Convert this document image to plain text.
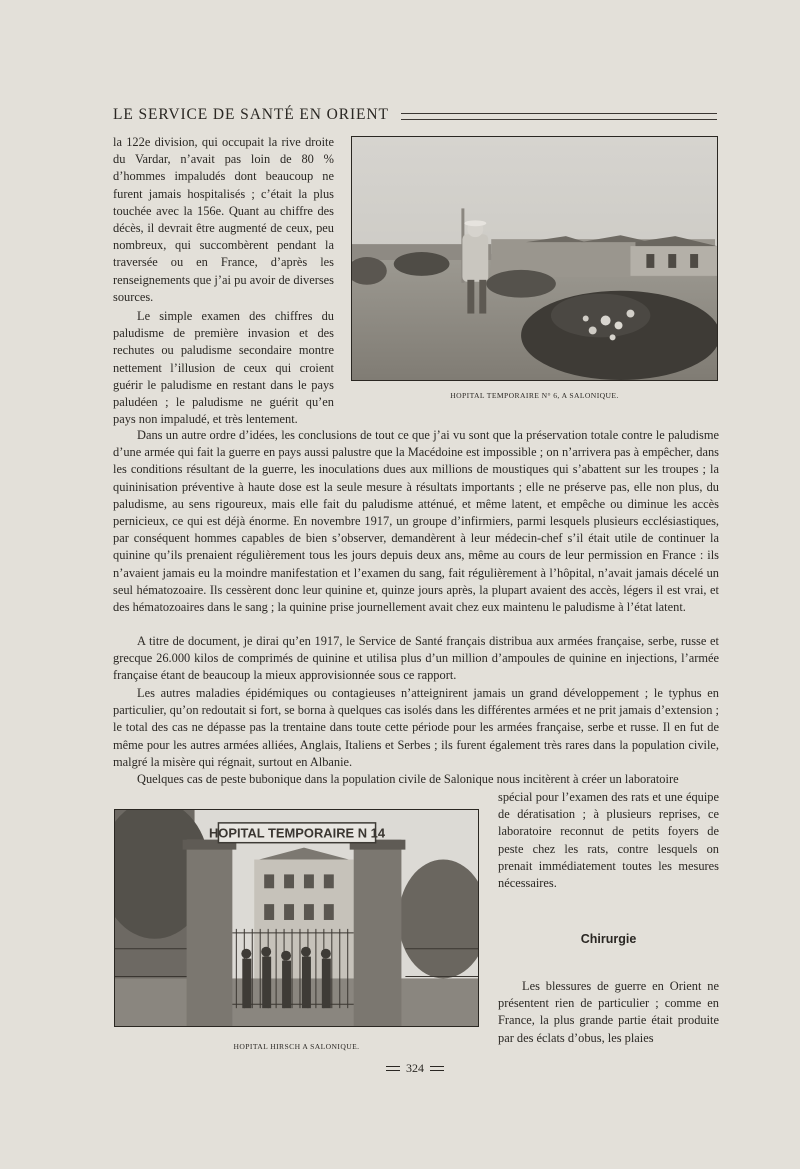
LE SERVICE DE SANTÉ EN ORIENT

la 122e division, qui occupait la rive droite du Vardar, n’avait pas loin de 80 % d’hommes impaludés dont beaucoup ne furent jamais hospitalisés ; c’était la plus touchée avec la 156e. Quant au chiffre des décès, il devrait être augmenté de ceux, peu nombreux, qui succombèrent pendant la traversée ou en France, d’après les renseignements que j’ai pu avoir de diverses sources.

Le simple examen des chiffres du paludisme de première invasion et des rechutes ou paludisme secondaire montre nettement l’illusion de ceux qui croient guérir le paludisme en restant dans le pays paludéen ; le paludisme ne guérit qu’en pays non impaludé, et très lentement.

HOPITAL TEMPORAIRE N° 6, A SALONIQUE.

Dans un autre ordre d’idées, les conclusions de tout ce que j’ai vu sont que la préservation totale contre le paludisme d’une armée qui fait la guerre en pays aussi palustre que la Macédoine est impossible ; on n’arrivera pas à empêcher, dans les conditions résultant de la guerre, les inoculations dues aux millions de moustiques qui s’abattent sur les troupes ; la quininisation préventive à haute dose est la seule mesure à résultats importants ; elle ne préserve pas, elle non plus, du paludisme, au sens rigoureux, mais elle fait du paludisme atténué, et même latent, et empêche ou diminue les accès pernicieux, ce qui est déjà énorme. En novembre 1917, un groupe d’infirmiers, parmi lesquels plusieurs ecclésiastiques, par conséquent hommes capables de bien s’observer, demandèrent à leur médecin-chef s’il était utile de continuer la quinine qu’ils prenaient régulièrement tous les jours depuis deux ans, même au cours de leur permission en France : ils n’avaient jamais eu la moindre manifestation et l’examen du sang, fait régulièrement à l’hôpital, n’avait jamais décelé un seul hématozoaire. Ils cessèrent donc leur quinine et, quinze jours après, la plupart avaient des accès, légers il est vrai, et des hématozoaires dans le sang ; la quinine prise journellement avait chez eux maintenu le paludisme à l’état latent.

A titre de document, je dirai qu’en 1917, le Service de Santé français distribua aux armées française, serbe, russe et grecque 26.000 kilos de comprimés de quinine et utilisa plus d’un million d’ampoules de quinine en injections, l’armée française étant de beaucoup la mieux approvisionnée sous ce rapport.

Les autres maladies épidémiques ou contagieuses n’atteignirent jamais un grand développement ; le typhus en particulier, qu’on redoutait si fort, se borna à quelques cas isolés dans les différentes armées et ne prit jamais d’extension ; le total des cas ne dépasse pas la trentaine dans toute cette période pour les armées française, serbe et russe. Il en fut de même pour les autres armées alliées, Anglais, Italiens et Serbes ; ils furent également très rares dans la population civile, malgré la misère qui régnait, surtout en Albanie.

Quelques cas de peste bubonique dans la population civile de Salonique nous incitèrent à créer un laboratoire

HOPITAL TEMPORAIRE N 14
HOPITAL HIRSCH A SALONIQUE.

spécial pour l’examen des rats et une équipe de dératisation ; à plusieurs reprises, ce laboratoire reconnut de petits foyers de peste chez les rats, contre lesquels on prenait immédiatement toutes les mesures nécessaires.

Chirurgie

Les blessures de guerre en Orient ne présentent rien de particulier ; comme en France, la plus grande partie était produite par des éclats d’obus, les plaies

324
